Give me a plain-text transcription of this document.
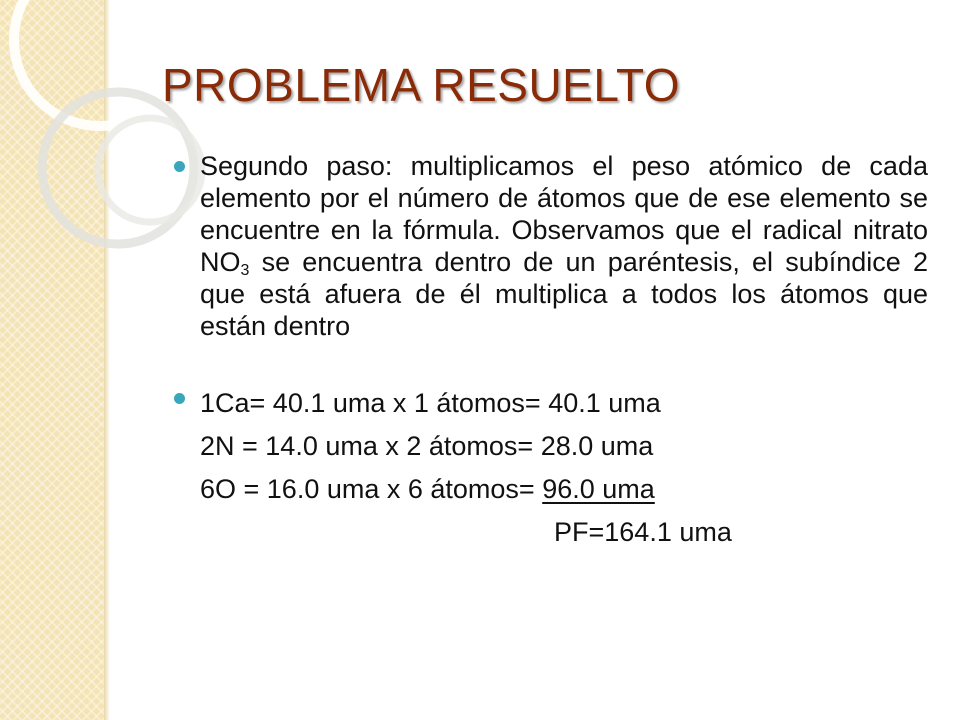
PROBLEMA RESUELTO

Segundo paso: multiplicamos el peso atómico de cada elemento por el número de átomos que de ese elemento se encuentre en la fórmula. Observamos que el radical nitrato $NO_3$ se encuentra dentro de un paréntesis, el subíndice 2 que está afuera de él multiplica a todos los átomos que están dentro

1Ca= 40.1 uma x 1 átomos= 40.1 uma

2N = 14.0 uma x 2 átomos= 28.0 uma

6O = 16.0 uma x 6 átomos= 96.0 uma

PF=164.1 uma
